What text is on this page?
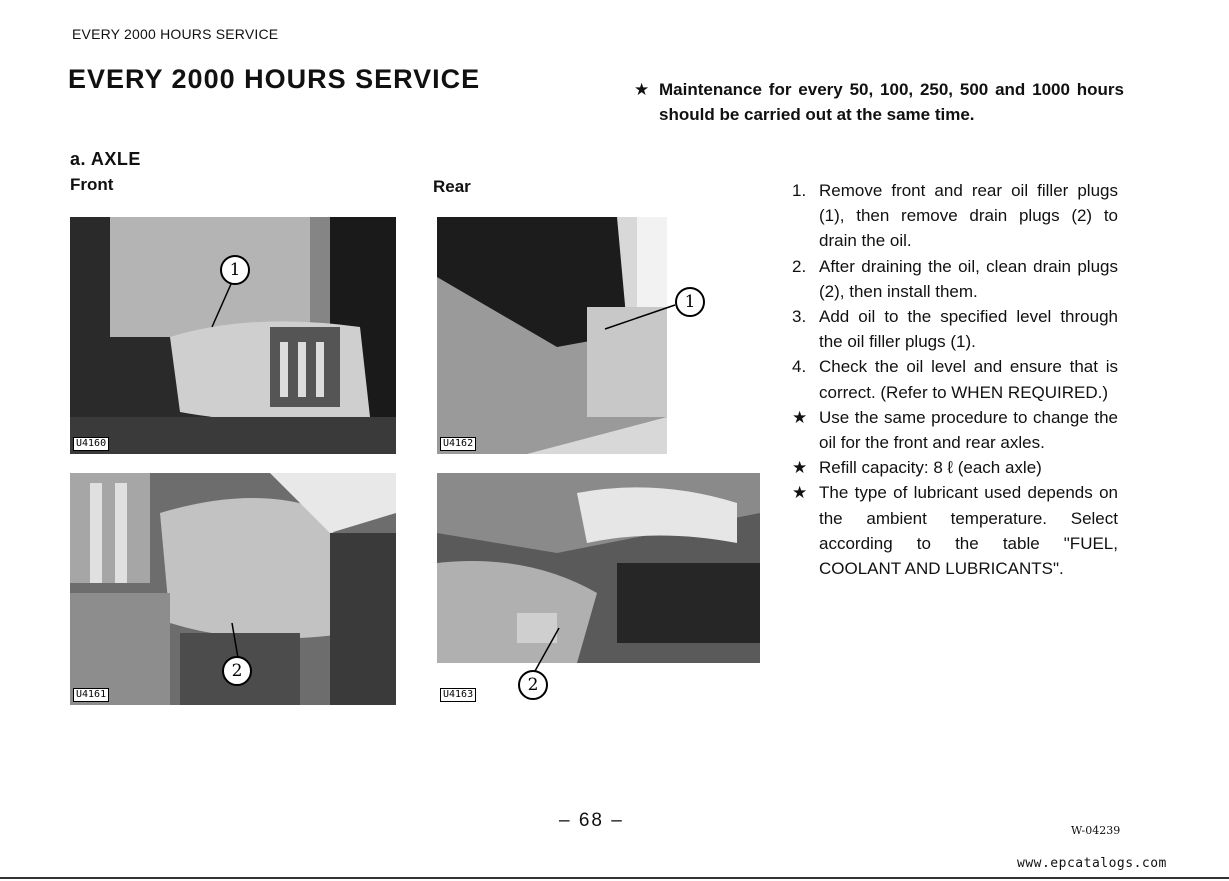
EVERY 2000 HOURS SERVICE
EVERY 2000 HOURS SERVICE
a. AXLE
Front	Rear
★ Maintenance for every 50, 100, 250, 500 and 1000 hours should be carried out at the same time.
1
U4160
1
U4162
2
U4161	2
U4163
1. Remove front and rear oil filler plugs (1), then remove drain plugs (2) to drain the oil.
2. After draining the oil, clean drain plugs (2), then install them.
3. Add oil to the specified level through the oil filler plugs (1).
4. Check the oil level and ensure that is correct. (Refer to WHEN REQUIRED.)
★ Use the same procedure to change the oil for the front and rear axles.
★ Refill capacity: 8 ℓ (each axle)
★ The type of lubricant used depends on the ambient temperature. Select according to the table "FUEL, COOLANT AND LUBRICANTS".
– 68 –	W-04239
www.epcatalogs.com
